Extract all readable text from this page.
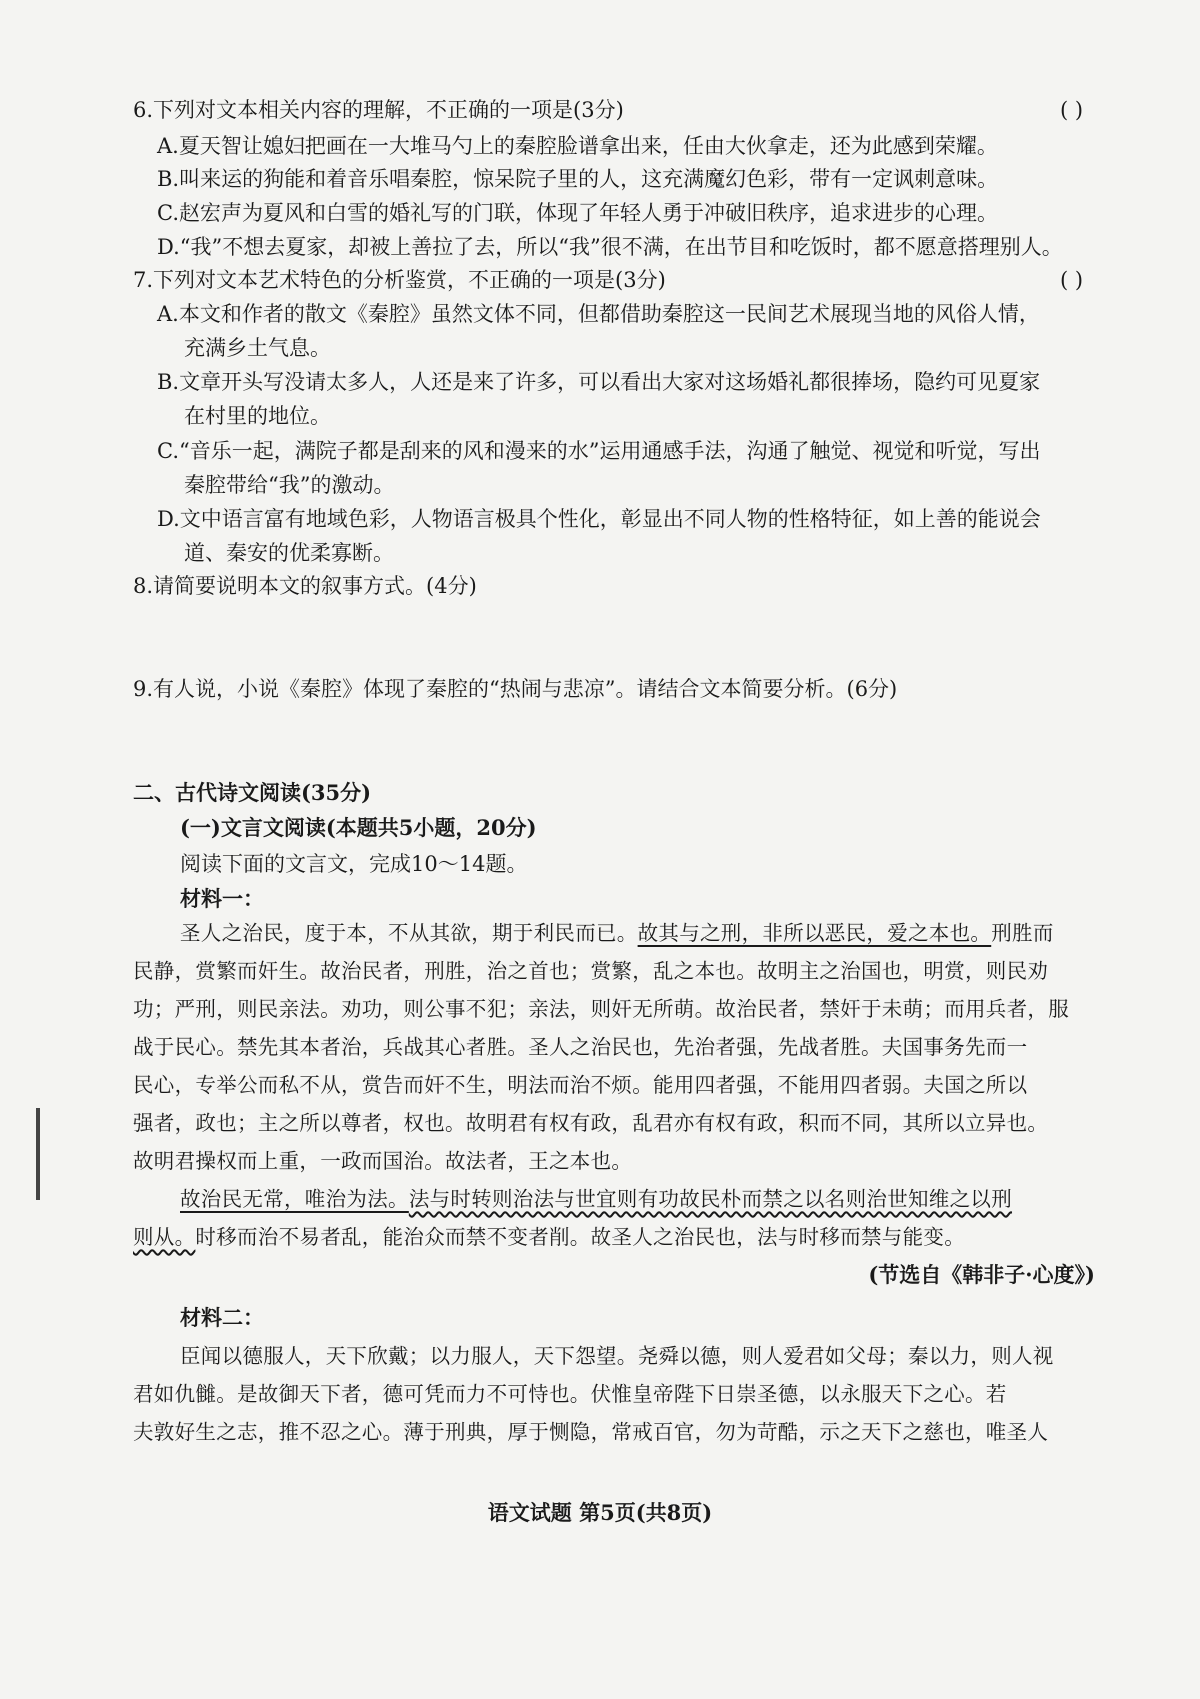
6.下列对文本相关内容的理解，不正确的一项是(3分)	( )
A.夏天智让媳妇把画在一大堆马勺上的秦腔脸谱拿出来，任由大伙拿走，还为此感到荣耀。
B.叫来运的狗能和着音乐唱秦腔，惊呆院子里的人，这充满魔幻色彩，带有一定讽刺意味。
C.赵宏声为夏风和白雪的婚礼写的门联，体现了年轻人勇于冲破旧秩序，追求进步的心理。
D.“我”不想去夏家，却被上善拉了去，所以“我”很不满，在出节目和吃饭时，都不愿意搭理别人。
7.下列对文本艺术特色的分析鉴赏，不正确的一项是(3分)	( )
A.本文和作者的散文《秦腔》虽然文体不同，但都借助秦腔这一民间艺术展现当地的风俗人情，
充满乡土气息。
B.文章开头写没请太多人，人还是来了许多，可以看出大家对这场婚礼都很捧场，隐约可见夏家
在村里的地位。
C.“音乐一起，满院子都是刮来的风和漫来的水”运用通感手法，沟通了触觉、视觉和听觉，写出
秦腔带给“我”的激动。
D.文中语言富有地域色彩，人物语言极具个性化，彰显出不同人物的性格特征，如上善的能说会
道、秦安的优柔寡断。
8.请简要说明本文的叙事方式。(4分)
9.有人说，小说《秦腔》体现了秦腔的“热闹与悲凉”。请结合文本简要分析。(6分)
二、古代诗文阅读(35分)
(一)文言文阅读(本题共5小题，20分)
阅读下面的文言文，完成10～14题。
材料一：
圣人之治民，度于本，不从其欲，期于利民而已。故其与之刑，非所以恶民，爱之本也。刑胜而
民静，赏繁而奸生。故治民者，刑胜，治之首也；赏繁，乱之本也。故明主之治国也，明赏，则民劝
功；严刑，则民亲法。劝功，则公事不犯；亲法，则奸无所萌。故治民者，禁奸于未萌；而用兵者，服
战于民心。禁先其本者治，兵战其心者胜。圣人之治民也，先治者强，先战者胜。夫国事务先而一
民心，专举公而私不从，赏告而奸不生，明法而治不烦。能用四者强，不能用四者弱。夫国之所以
强者，政也；主之所以尊者，权也。故明君有权有政，乱君亦有权有政，积而不同，其所以立异也。
故明君操权而上重，一政而国治。故法者，王之本也。
故治民无常，唯治为法。法与时转则治法与世宜则有功故民朴而禁之以名则治世知维之以刑
则从。时移而治不易者乱，能治众而禁不变者削。故圣人之治民也，法与时移而禁与能变。
(节选自《韩非子·心度》)
材料二：
臣闻以德服人，天下欣戴；以力服人，天下怨望。尧舜以德，则人爱君如父母；秦以力，则人视
君如仇雠。是故御天下者，德可凭而力不可恃也。伏惟皇帝陛下日崇圣德，以永服天下之心。若
夫敦好生之志，推不忍之心。薄于刑典，厚于恻隐，常戒百官，勿为苛酷，示之天下之慈也，唯圣人
语文试题 第5页(共8页)
